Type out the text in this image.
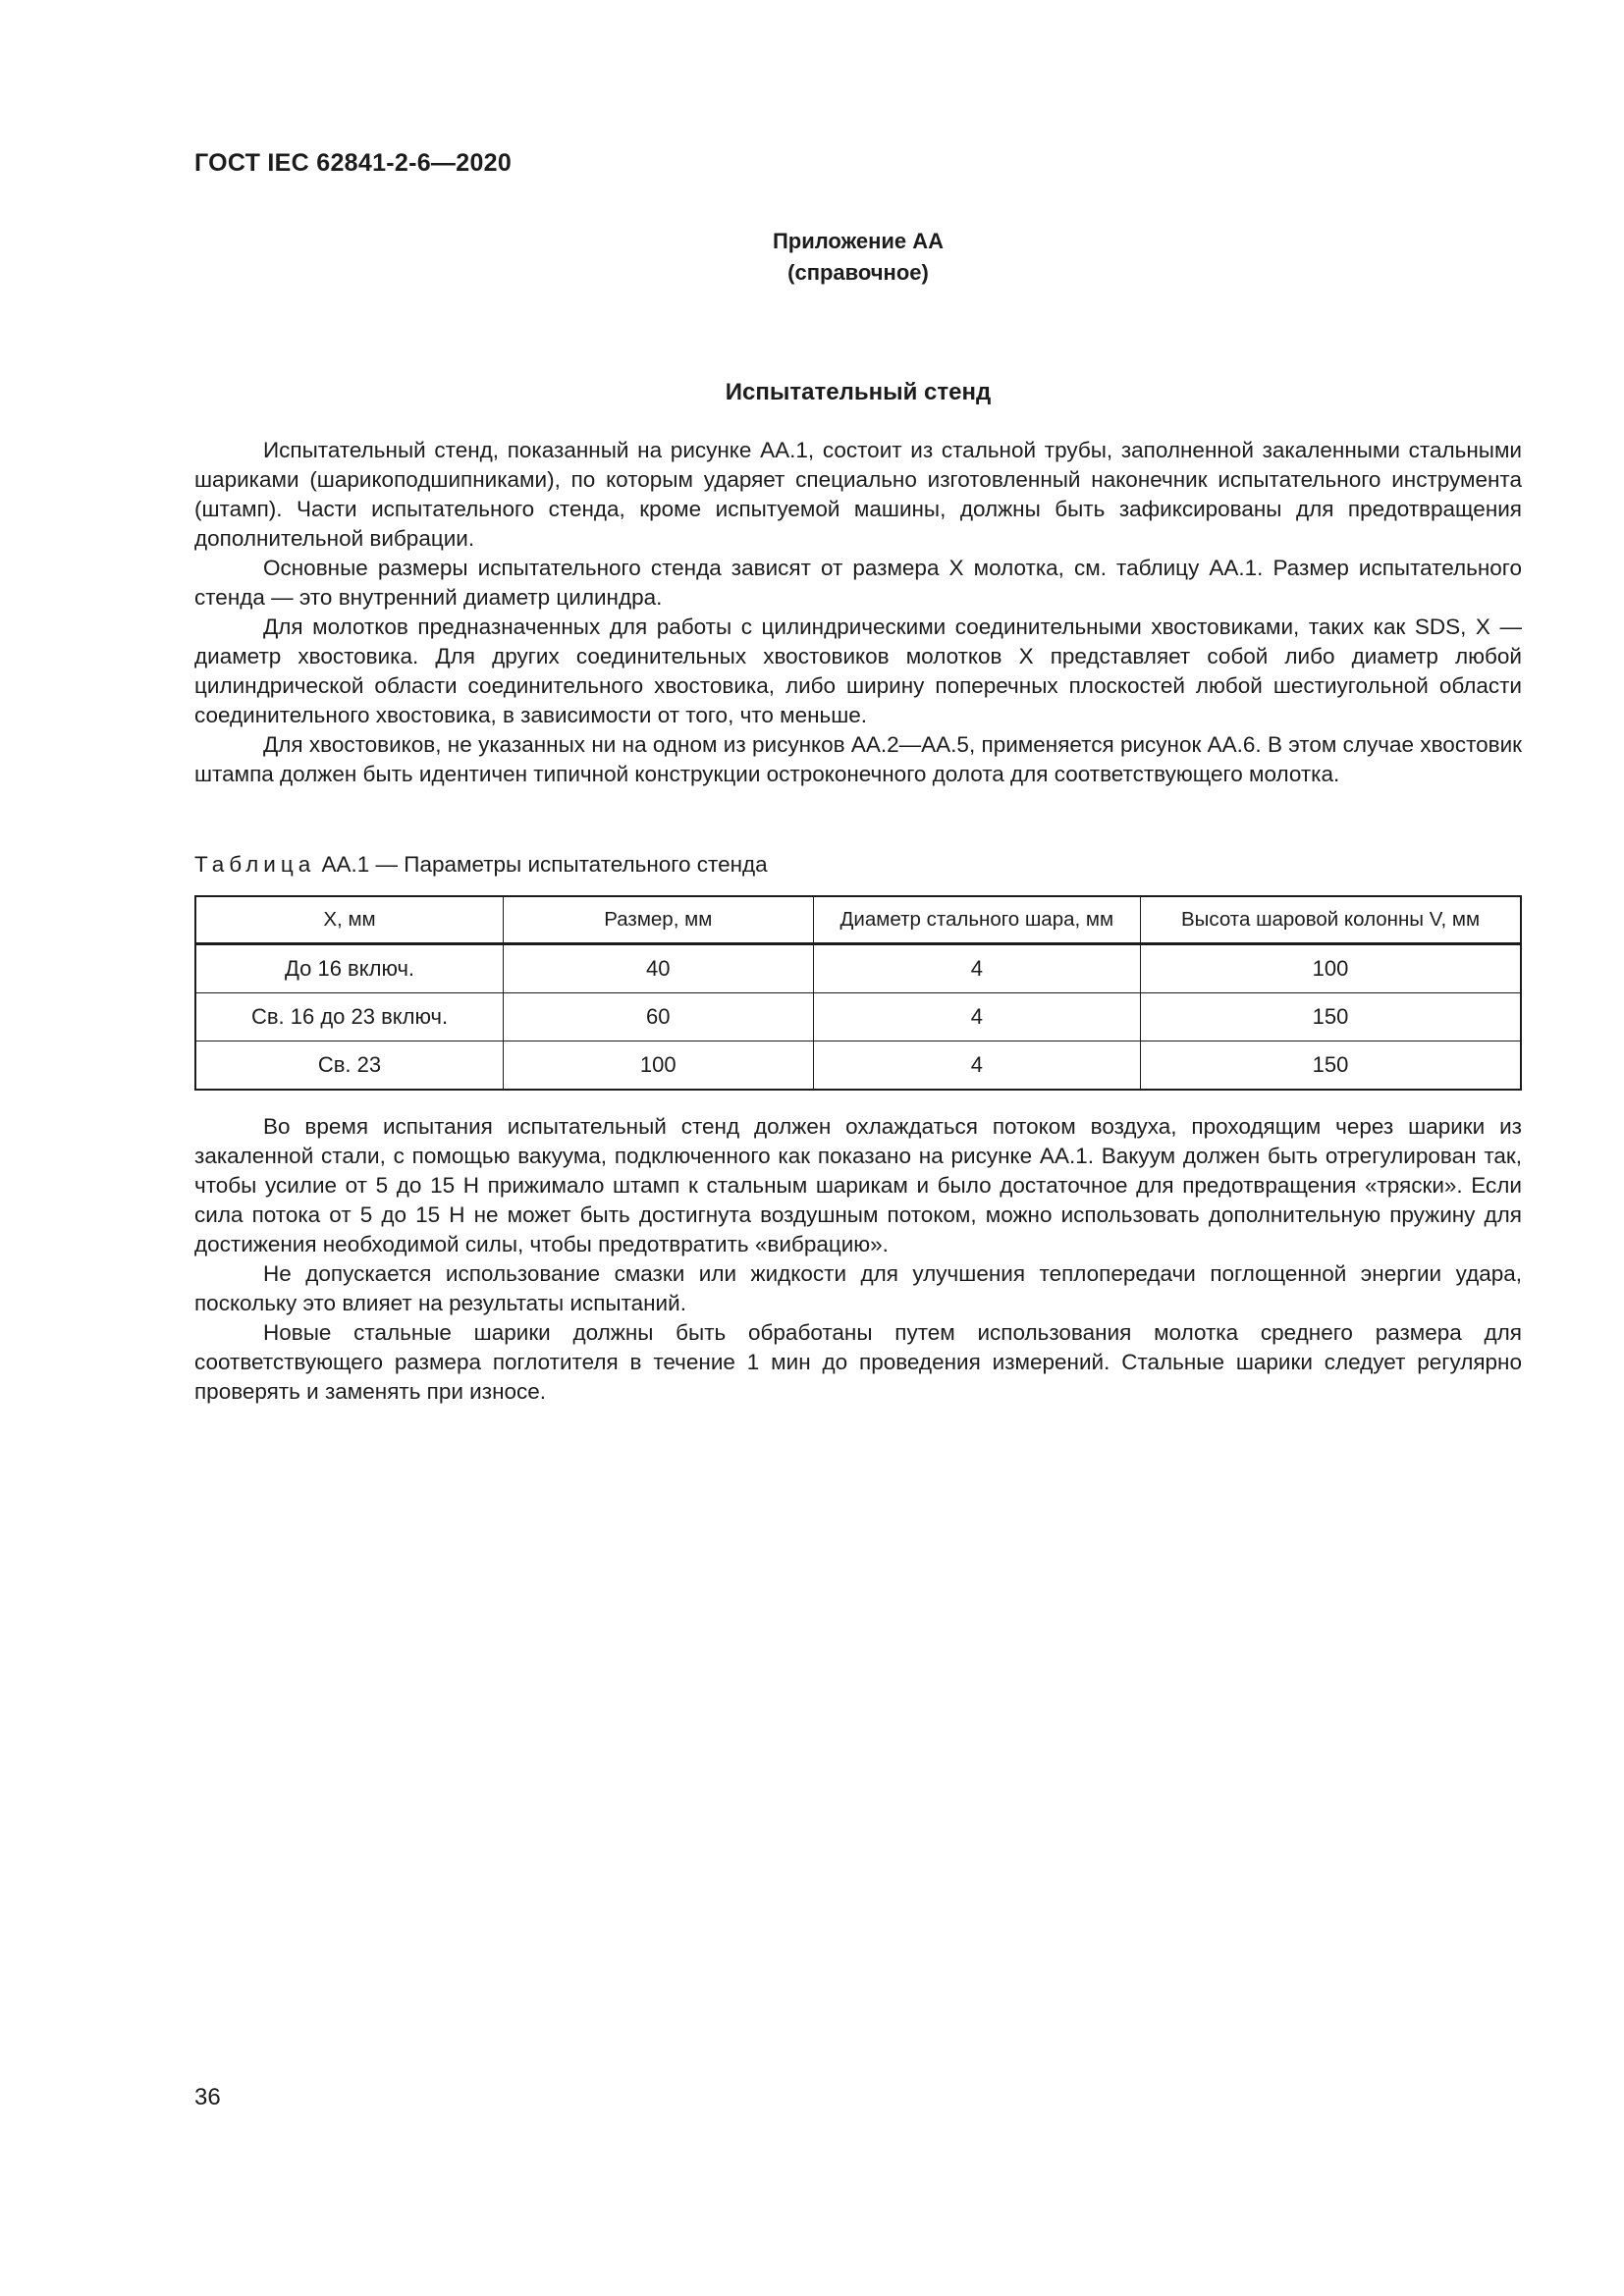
ГОСТ IEC 62841-2-6—2020
Приложение АА
(справочное)
Испытательный стенд

Испытательный стенд, показанный на рисунке АА.1, состоит из стальной трубы, заполненной закаленными стальными шариками (шарикоподшипниками), по которым ударяет специально изготовленный наконечник испытательного инструмента (штамп). Части испытательного стенда, кроме испытуемой машины, должны быть зафиксированы для предотвращения дополнительной вибрации.

Основные размеры испытательного стенда зависят от размера X молотка, см. таблицу АА.1. Размер испытательного стенда — это внутренний диаметр цилиндра.

Для молотков предназначенных для работы с цилиндрическими соединительными хвостовиками, таких как SDS, X — диаметр хвостовика. Для других соединительных хвостовиков молотков X представляет собой либо диаметр любой цилиндрической области соединительного хвостовика, либо ширину поперечных плоскостей любой шестиугольной области соединительного хвостовика, в зависимости от того, что меньше.

Для хвостовиков, не указанных ни на одном из рисунков АА.2—АА.5, применяется рисунок АА.6. В этом случае хвостовик штампа должен быть идентичен типичной конструкции остроконечного долота для соответствующего молотка.

Таблица АА.1 — Параметры испытательного стенда
X, мм	Размер, мм	Диаметр стального шара, мм	Высота шаровой колонны V, мм
До 16 включ.	40	4	100
Св. 16 до 23 включ.	60	4	150
Св. 23	100	4	150

Во время испытания испытательный стенд должен охлаждаться потоком воздуха, проходящим через шарики из закаленной стали, с помощью вакуума, подключенного как показано на рисунке АА.1. Вакуум должен быть отрегулирован так, чтобы усилие от 5 до 15 Н прижимало штамп к стальным шарикам и было достаточное для предотвращения «тряски». Если сила потока от 5 до 15 Н не может быть достигнута воздушным потоком, можно использовать дополнительную пружину для достижения необходимой силы, чтобы предотвратить «вибрацию».

Не допускается использование смазки или жидкости для улучшения теплопередачи поглощенной энергии удара, поскольку это влияет на результаты испытаний.

Новые стальные шарики должны быть обработаны путем использования молотка среднего размера для соответствующего размера поглотителя в течение 1 мин до проведения измерений. Стальные шарики следует регулярно проверять и заменять при износе.

36
